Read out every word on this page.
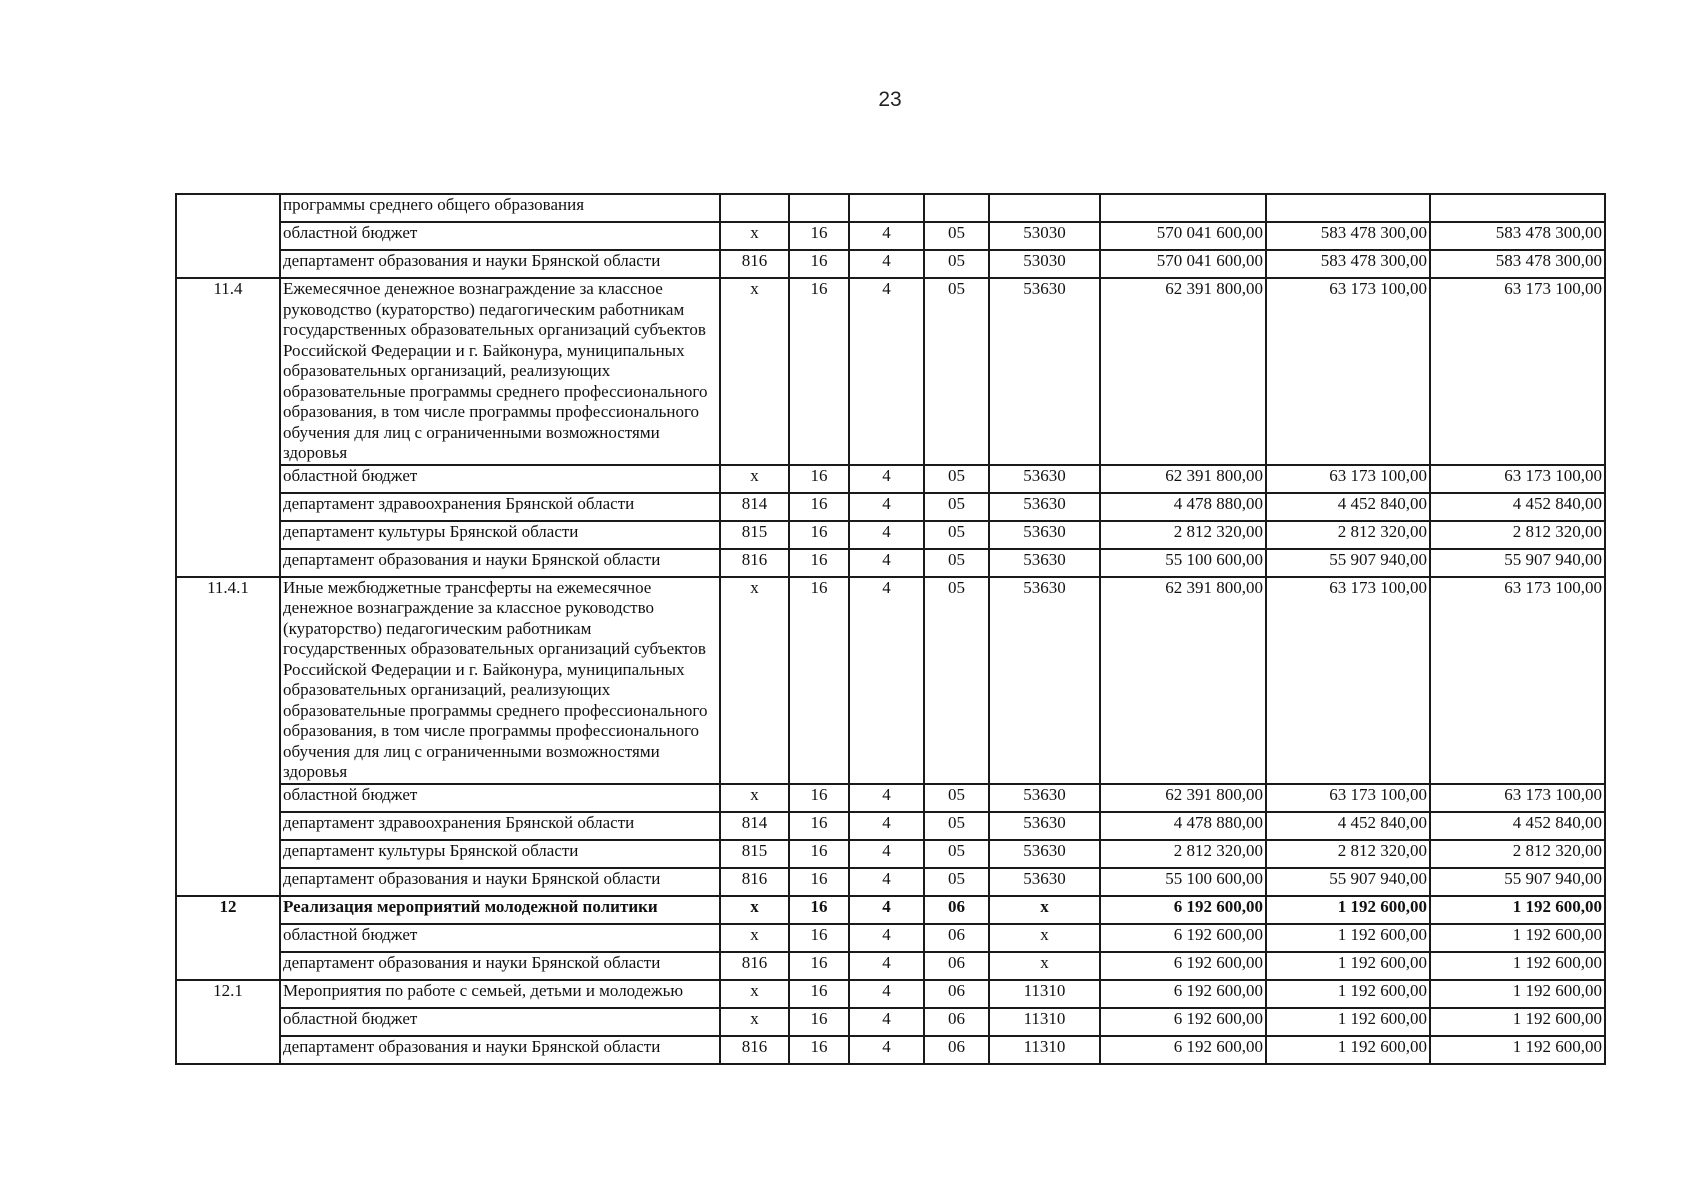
23
	программы среднего общего образования								
	областной бюджет	x	16	4	05	53030	570 041 600,00	583 478 300,00	583 478 300,00
	департамент образования и науки Брянской области	816	16	4	05	53030	570 041 600,00	583 478 300,00	583 478 300,00
11.4	Ежемесячное денежное вознаграждение за классное руководство (кураторство) педагогическим работникам государственных образовательных организаций субъектов Российской Федерации и г. Байконура, муниципальных образовательных организаций, реализующих образовательные программы среднего профессионального образования, в том числе программы профессионального обучения для лиц с ограниченными возможностями здоровья	x	16	4	05	53630	62 391 800,00	63 173 100,00	63 173 100,00
	областной бюджет	x	16	4	05	53630	62 391 800,00	63 173 100,00	63 173 100,00
	департамент здравоохранения Брянской области	814	16	4	05	53630	4 478 880,00	4 452 840,00	4 452 840,00
	департамент культуры Брянской области	815	16	4	05	53630	2 812 320,00	2 812 320,00	2 812 320,00
	департамент образования и науки Брянской области	816	16	4	05	53630	55 100 600,00	55 907 940,00	55 907 940,00
11.4.1	Иные межбюджетные трансферты на ежемесячное денежное вознаграждение за классное руководство (кураторство) педагогическим работникам государственных образовательных организаций субъектов Российской Федерации и г. Байконура, муниципальных образовательных организаций, реализующих образовательные программы среднего профессионального образования, в том числе программы профессионального обучения для лиц с ограниченными возможностями здоровья	x	16	4	05	53630	62 391 800,00	63 173 100,00	63 173 100,00
	областной бюджет	x	16	4	05	53630	62 391 800,00	63 173 100,00	63 173 100,00
	департамент здравоохранения Брянской области	814	16	4	05	53630	4 478 880,00	4 452 840,00	4 452 840,00
	департамент культуры Брянской области	815	16	4	05	53630	2 812 320,00	2 812 320,00	2 812 320,00
	департамент образования и науки Брянской области	816	16	4	05	53630	55 100 600,00	55 907 940,00	55 907 940,00
12	Реализация мероприятий молодежной политики	x	16	4	06	x	6 192 600,00	1 192 600,00	1 192 600,00
	областной бюджет	x	16	4	06	x	6 192 600,00	1 192 600,00	1 192 600,00
	департамент образования и науки Брянской области	816	16	4	06	x	6 192 600,00	1 192 600,00	1 192 600,00
12.1	Мероприятия по работе с семьей, детьми и молодежью	x	16	4	06	11310	6 192 600,00	1 192 600,00	1 192 600,00
	областной бюджет	x	16	4	06	11310	6 192 600,00	1 192 600,00	1 192 600,00
	департамент образования и науки Брянской области	816	16	4	06	11310	6 192 600,00	1 192 600,00	1 192 600,00
